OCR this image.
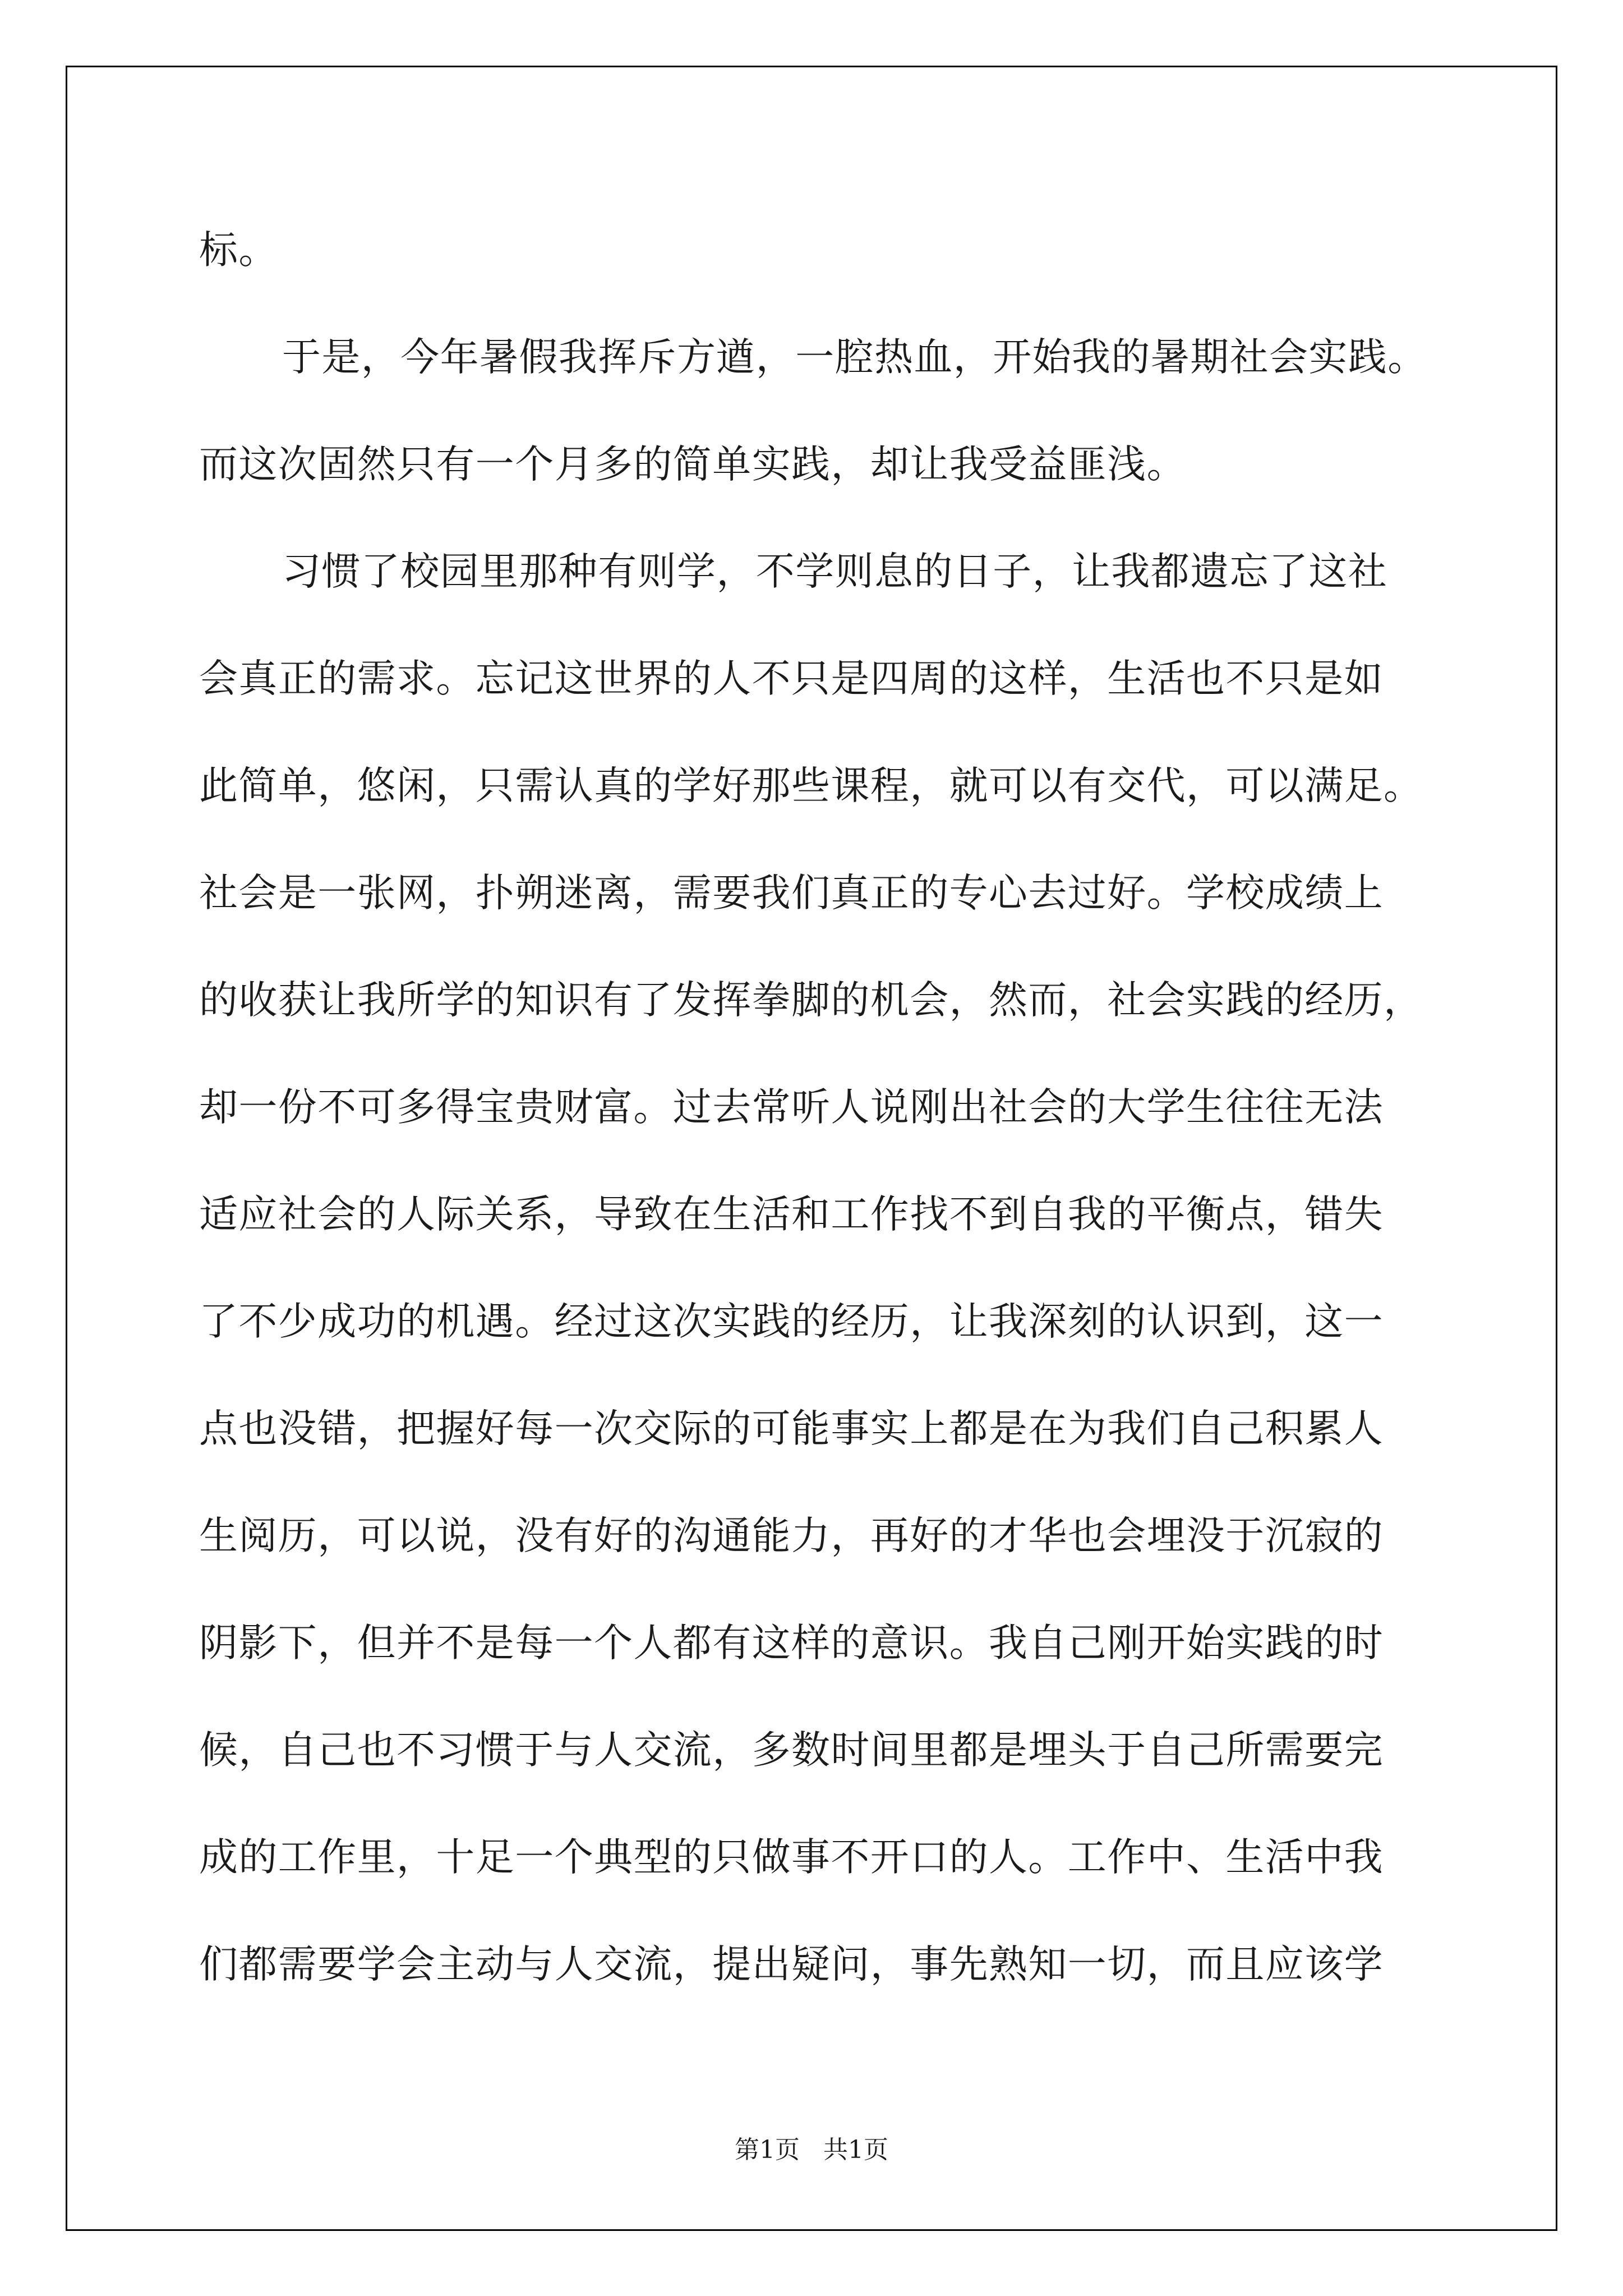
标。

于是，今年暑假我挥斥方遒，一腔热血，开始我的暑期社会实践。

而这次固然只有一个月多的简单实践，却让我受益匪浅。

习惯了校园里那种有则学，不学则息的日子，让我都遗忘了这社

会真正的需求。忘记这世界的人不只是四周的这样，生活也不只是如

此简单，悠闲，只需认真的学好那些课程，就可以有交代，可以满足。

社会是一张网，扑朔迷离，需要我们真正的专心去过好。学校成绩上

的收获让我所学的知识有了发挥拳脚的机会，然而，社会实践的经历，

却一份不可多得宝贵财富。过去常听人说刚出社会的大学生往往无法

适应社会的人际关系，导致在生活和工作找不到自我的平衡点，错失

了不少成功的机遇。经过这次实践的经历，让我深刻的认识到，这一

点也没错，把握好每一次交际的可能事实上都是在为我们自己积累人

生阅历，可以说，没有好的沟通能力，再好的才华也会埋没于沉寂的

阴影下，但并不是每一个人都有这样的意识。我自己刚开始实践的时

候，自己也不习惯于与人交流，多数时间里都是埋头于自己所需要完

成的工作里，十足一个典型的只做事不开口的人。工作中、生活中我

们都需要学会主动与人交流，提出疑问，事先熟知一切，而且应该学

第1页   共1页
